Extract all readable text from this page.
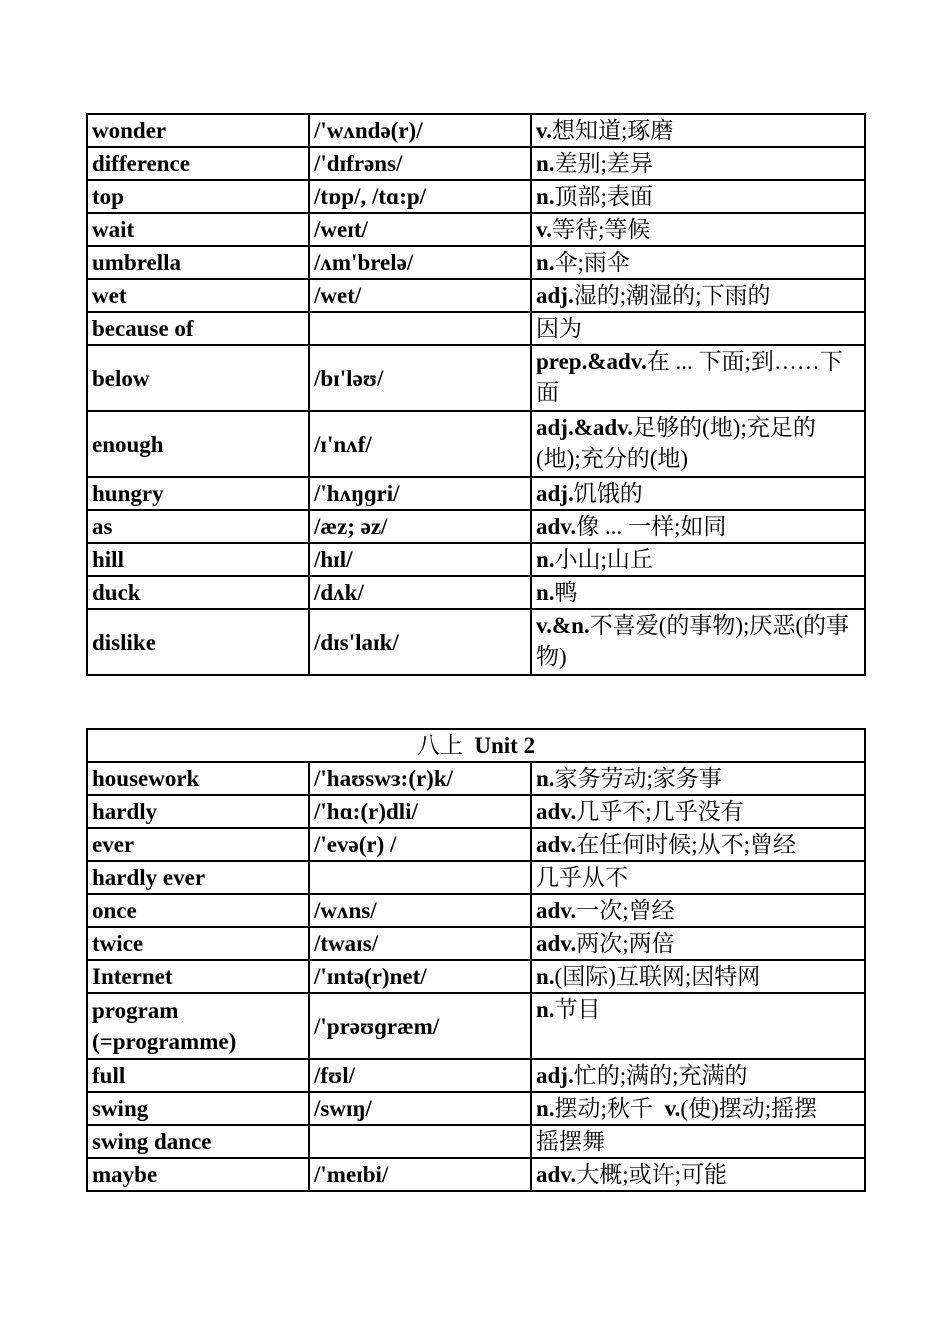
wonder	/'wʌndə(r)/	v.想知道;琢磨
difference	/'dɪfrəns/	n.差别;差异
top	/tɒp/, /tɑ:p/	n.顶部;表面
wait	/weɪt/	v.等待;等候
umbrella	/ʌm'brelə/	n.伞;雨伞
wet	/wet/	adj.湿的;潮湿的;下雨的
because of		因为
below	/bɪ'ləʊ/	prep.&adv.在 ... 下面;到……下面
enough	/ɪ'nʌf/	adj.&adv.足够的(地);充足的(地);充分的(地)
hungry	/'hʌŋɡri/	adj.饥饿的
as	/æz; əz/	adv.像 ... 一样;如同
hill	/hɪl/	n.小山;山丘
duck	/dʌk/	n.鸭
dislike	/dɪs'laɪk/	v.&n.不喜爱(的事物);厌恶(的事物)
八上 Unit 2		
housework	/'haʊswɜ:(r)k/	n.家务劳动;家务事
hardly	/'hɑ:(r)dli/	adv.几乎不;几乎没有
ever	/'evə(r) /	adv.在任何时候;从不;曾经
hardly ever		几乎从不
once	/wʌns/	adv.一次;曾经
twice	/twaɪs/	adv.两次;两倍
Internet	/'ɪntə(r)net/	n.(国际)互联网;因特网
program (=programme)	/'prəʊɡræm/	n.节目
full	/fʊl/	adj.忙的;满的;充满的
swing	/swɪŋ/	n.摆动;秋千 v.(使)摆动;摇摆
swing dance		摇摆舞
maybe	/'meɪbi/	adv.大概;或许;可能
